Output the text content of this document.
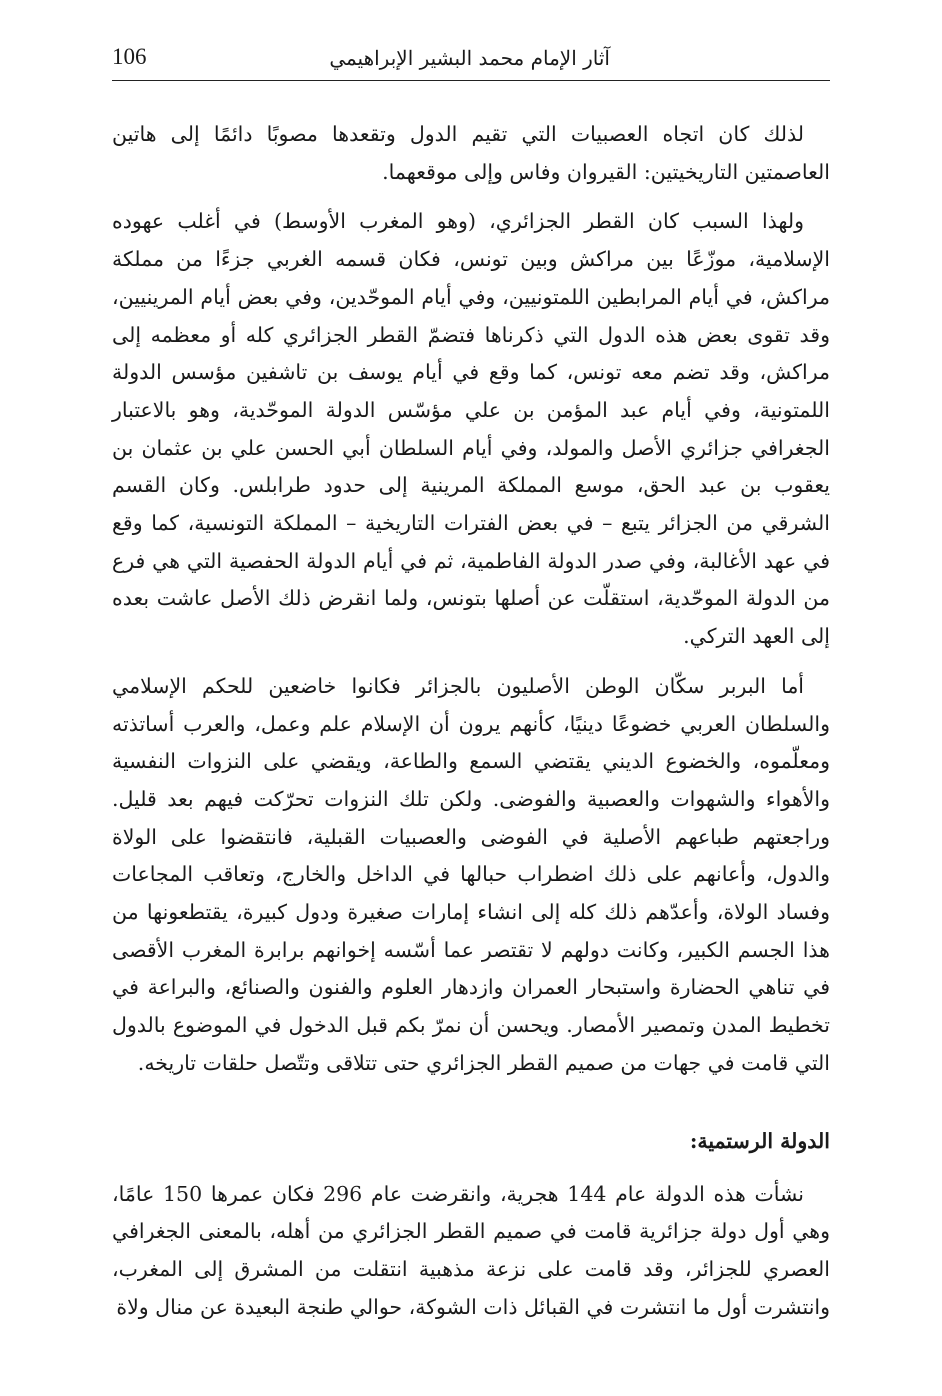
آثار الإمام محمد البشير الإبراهيمي
106

لذلك كان اتجاه العصبيات التي تقيم الدول وتقعدها مصوبًا دائمًا إلى هاتين العاصمتين التاريخيتين: القيروان وفاس وإلى موقعهما.

ولهذا السبب كان القطر الجزائري، (وهو المغرب الأوسط) في أغلب عهوده الإسلامية، موزّعًا بين مراكش وبين تونس، فكان قسمه الغربي جزءًا من مملكة مراكش، في أيام المرابطين اللمتونيين، وفي أيام الموحّدين، وفي بعض أيام المرينيين، وقد تقوى بعض هذه الدول التي ذكرناها فتضمّ القطر الجزائري كله أو معظمه إلى مراكش، وقد تضم معه تونس، كما وقع في أيام يوسف بن تاشفين مؤسس الدولة اللمتونية، وفي أيام عبد المؤمن بن علي مؤسّس الدولة الموحّدية، وهو بالاعتبار الجغرافي جزائري الأصل والمولد، وفي أيام السلطان أبي الحسن علي بن عثمان بن يعقوب بن عبد الحق، موسع المملكة المرينية إلى حدود طرابلس. وكان القسم الشرقي من الجزائر يتبع – في بعض الفترات التاريخية – المملكة التونسية، كما وقع في عهد الأغالبة، وفي صدر الدولة الفاطمية، ثم في أيام الدولة الحفصية التي هي فرع من الدولة الموحّدية، استقلّت عن أصلها بتونس، ولما انقرض ذلك الأصل عاشت بعده إلى العهد التركي.

أما البربر سكّان الوطن الأصليون بالجزائر فكانوا خاضعين للحكم الإسلامي والسلطان العربي خضوعًا دينيًا، كأنهم يرون أن الإسلام علم وعمل، والعرب أساتذته ومعلّموه، والخضوع الديني يقتضي السمع والطاعة، ويقضي على النزوات النفسية والأهواء والشهوات والعصبية والفوضى. ولكن تلك النزوات تحرّكت فيهم بعد قليل. وراجعتهم طباعهم الأصلية في الفوضى والعصبيات القبلية، فانتقضوا على الولاة والدول، وأعانهم على ذلك اضطراب حبالها في الداخل والخارج، وتعاقب المجاعات وفساد الولاة، وأعدّهم ذلك كله إلى انشاء إمارات صغيرة ودول كبيرة، يقتطعونها من هذا الجسم الكبير، وكانت دولهم لا تقتصر عما أسّسه إخوانهم برابرة المغرب الأقصى في تناهي الحضارة واستبحار العمران وازدهار العلوم والفنون والصنائع، والبراعة في تخطيط المدن وتمصير الأمصار. ويحسن أن نمرّ بكم قبل الدخول في الموضوع بالدول التي قامت في جهات من صميم القطر الجزائري حتى تتلاقى وتتّصل حلقات تاريخه.

الدولة الرستمية:

نشأت هذه الدولة عام 144 هجرية، وانقرضت عام 296 فكان عمرها 150 عامًا، وهي أول دولة جزائرية قامت في صميم القطر الجزائري من أهله، بالمعنى الجغرافي العصري للجزائر، وقد قامت على نزعة مذهبية انتقلت من المشرق إلى المغرب، وانتشرت أول ما انتشرت في القبائل ذات الشوكة، حوالي طنجة البعيدة عن منال ولاة
